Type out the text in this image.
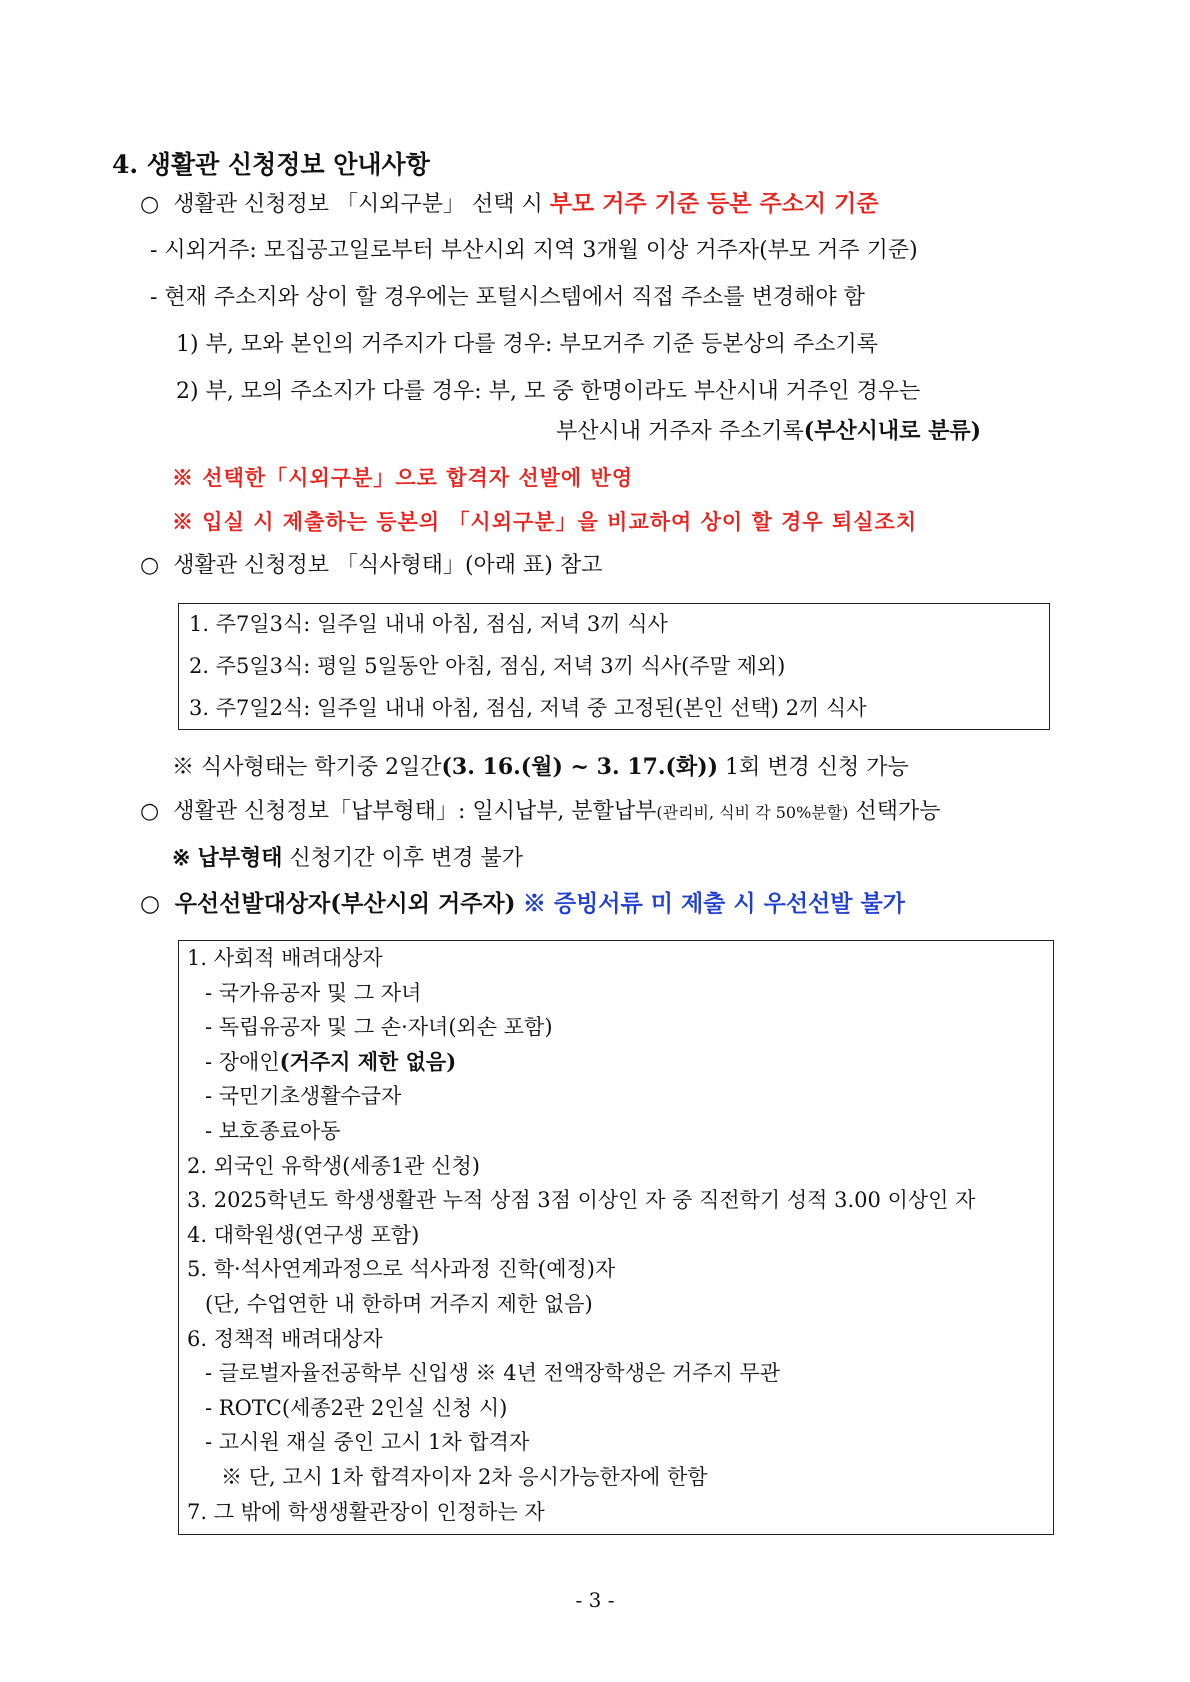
4. 생활관 신청정보 안내사항
○ 생활관 신청정보 「시외구분」 선택 시 부모 거주 기준 등본 주소지 기준
- 시외거주: 모집공고일로부터 부산시외 지역 3개월 이상 거주자(부모 거주 기준)
- 현재 주소지와 상이 할 경우에는 포털시스템에서 직접 주소를 변경해야 함
1) 부, 모와 본인의 거주지가 다를 경우: 부모거주 기준 등본상의 주소기록
2) 부, 모의 주소지가 다를 경우: 부, 모 중 한명이라도 부산시내 거주인 경우는
부산시내 거주자 주소기록(부산시내로 분류)
※ 선택한「시외구분」으로 합격자 선발에 반영
※ 입실 시 제출하는 등본의 「시외구분」을 비교하여 상이 할 경우 퇴실조치
○ 생활관 신청정보 「식사형태」(아래 표) 참고
1. 주7일3식: 일주일 내내 아침, 점심, 저녁 3끼 식사
2. 주5일3식: 평일 5일동안 아침, 점심, 저녁 3끼 식사(주말 제외)
3. 주7일2식: 일주일 내내 아침, 점심, 저녁 중 고정된(본인 선택) 2끼 식사
※ 식사형태는 학기중 2일간(3. 16.(월) ~ 3. 17.(화)) 1회 변경 신청 가능
○ 생활관 신청정보「납부형태」: 일시납부, 분할납부(관리비, 식비 각 50%분할) 선택가능
※ 납부형태 신청기간 이후 변경 불가
○ 우선선발대상자(부산시외 거주자) ※ 증빙서류 미 제출 시 우선선발 불가
1. 사회적 배려대상자
- 국가유공자 및 그 자녀
- 독립유공자 및 그 손·자녀(외손 포함)
- 장애인(거주지 제한 없음)
- 국민기초생활수급자
- 보호종료아동
2. 외국인 유학생(세종1관 신청)
3. 2025학년도 학생생활관 누적 상점 3점 이상인 자 중 직전학기 성적 3.00 이상인 자
4. 대학원생(연구생 포함)
5. 학·석사연계과정으로 석사과정 진학(예정)자
(단, 수업연한 내 한하며 거주지 제한 없음)
6. 정책적 배려대상자
- 글로벌자율전공학부 신입생 ※ 4년 전액장학생은 거주지 무관
- ROTC(세종2관 2인실 신청 시)
- 고시원 재실 중인 고시 1차 합격자
※ 단, 고시 1차 합격자이자 2차 응시가능한자에 한함
7. 그 밖에 학생생활관장이 인정하는 자
- 3 -
